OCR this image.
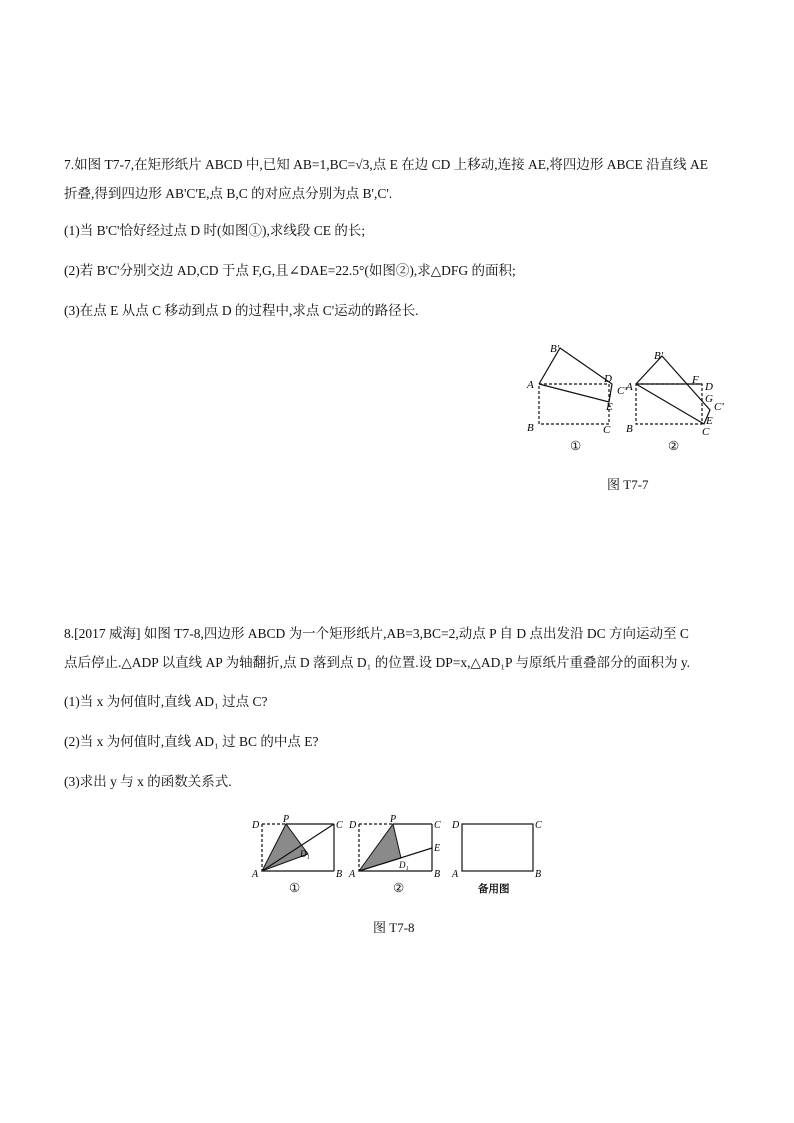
7.如图 T7-7,在矩形纸片 ABCD 中,已知 AB=1,BC=√3,点 E 在边 CD 上移动,连接 AE,将四边形 ABCE 沿直线 AE
折叠,得到四边形 AB'C'E,点 B,C 的对应点分别为点 B',C'.
(1)当 B'C'恰好经过点 D 时(如图①),求线段 CE 的长;
(2)若 B'C'分别交边 AD,CD 于点 F,G,且∠DAE=22.5°(如图②),求△DFG 的面积;
(3)在点 E 从点 C 移动到点 D 的过程中,求点 C'运动的路径长.
B'
A	D
C'
E
B	C
①
B'
A
F
D
G
C'
E
B	C
②
图 T7-7
8.[2017 威海] 如图 T7-8,四边形 ABCD 为一个矩形纸片,AB=3,BC=2,动点 P 自 D 点出发沿 DC 方向运动至 C
点后停止.△ADP 以直线 AP 为轴翻折,点 D 落到点 D₁ 的位置.设 DP=x,△AD₁P 与原纸片重叠部分的面积为 y.
(1)当 x 为何值时,直线 AD₁ 过点 C?
(2)当 x 为何值时,直线 AD₁ 过 BC 的中点 E?
(3)求出 y 与 x 的函数关系式.
D
P
C
D₁
A	B
①
D
P
C
E
D₁
A	B
②
D	C
A	B
备用图
图 T7-8
